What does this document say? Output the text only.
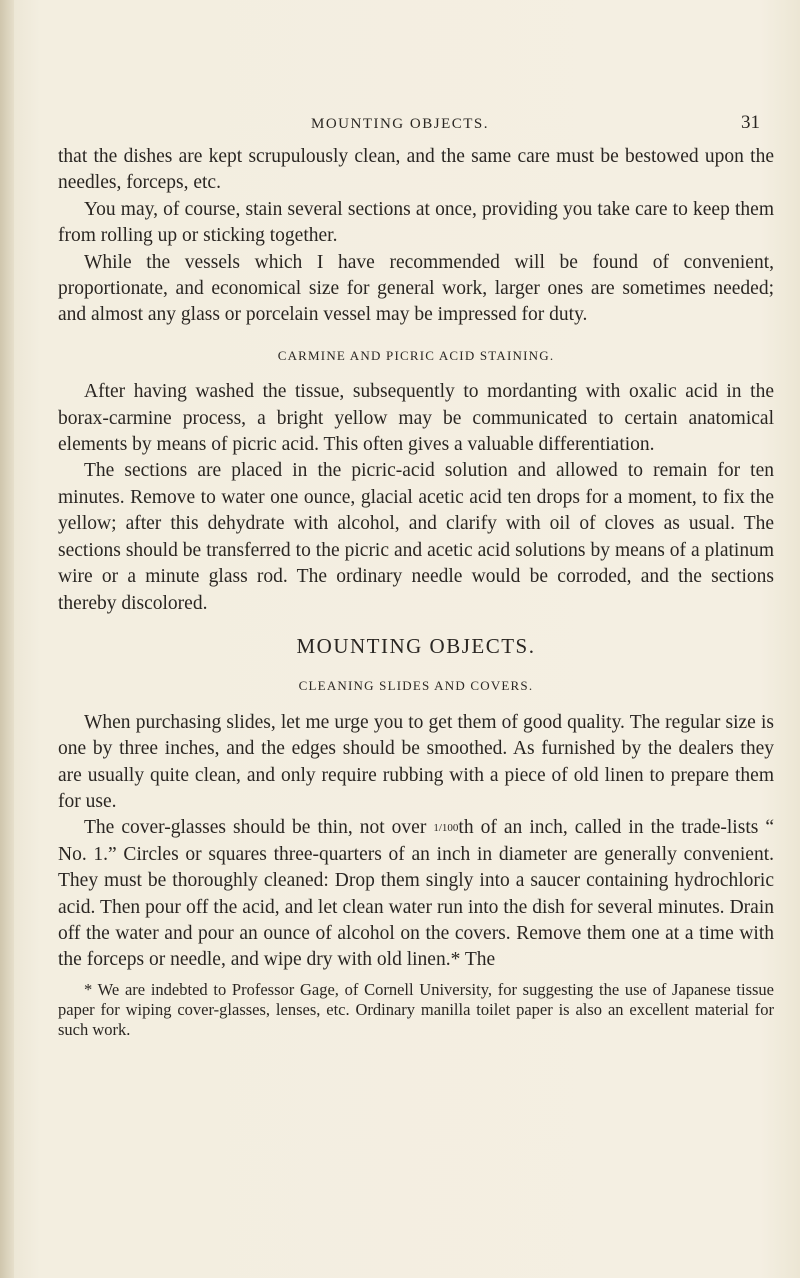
MOUNTING OBJECTS.	31

that the dishes are kept scrupulously clean, and the same care must be bestowed upon the needles, forceps, etc.

You may, of course, stain several sections at once, providing you take care to keep them from rolling up or sticking together.

While the vessels which I have recommended will be found of convenient, proportionate, and economical size for general work, larger ones are sometimes needed; and almost any glass or porcelain vessel may be impressed for duty.

CARMINE AND PICRIC ACID STAINING.

After having washed the tissue, subsequently to mordanting with oxalic acid in the borax-carmine process, a bright yellow may be communicated to certain anatomical elements by means of picric acid. This often gives a valuable differentiation.

The sections are placed in the picric-acid solution and allowed to remain for ten minutes. Remove to water one ounce, glacial acetic acid ten drops for a moment, to fix the yellow; after this dehydrate with alcohol, and clarify with oil of cloves as usual. The sections should be transferred to the picric and acetic acid solutions by means of a platinum wire or a minute glass rod. The ordinary needle would be corroded, and the sections thereby discolored.

MOUNTING OBJECTS.
CLEANING SLIDES AND COVERS.

When purchasing slides, let me urge you to get them of good quality. The regular size is one by three inches, and the edges should be smoothed. As furnished by the dealers they are usually quite clean, and only require rubbing with a piece of old linen to prepare them for use.

The cover-glasses should be thin, not over 1/100th of an inch, called in the trade-lists “ No. 1.” Circles or squares three-quarters of an inch in diameter are generally convenient. They must be thoroughly cleaned: Drop them singly into a saucer containing hydrochloric acid. Then pour off the acid, and let clean water run into the dish for several minutes. Drain off the water and pour an ounce of alcohol on the covers. Remove them one at a time with the forceps or needle, and wipe dry with old linen.* The

* We are indebted to Professor Gage, of Cornell University, for suggesting the use of Japanese tissue paper for wiping cover-glasses, lenses, etc. Ordinary manilla toilet paper is also an excellent material for such work.
